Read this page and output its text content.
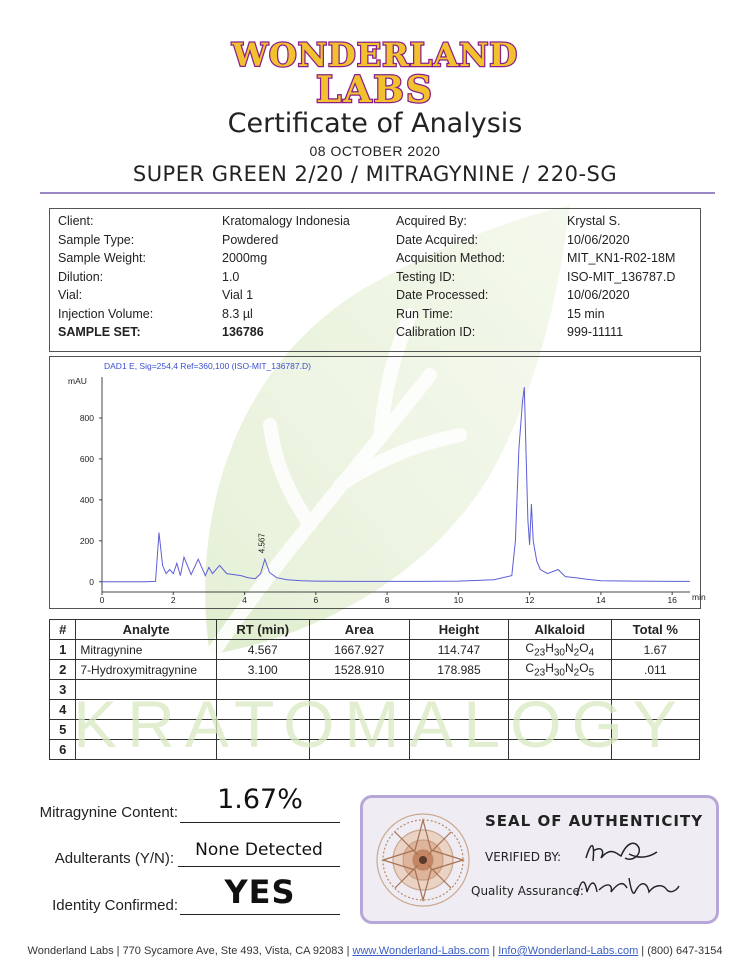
WONDERLAND
LABS
Certificate of Analysis
08 OCTOBER 2020
SUPER GREEN 2/20 / MITRAGYNINE / 220-SG
Client:	Kratomalogy Indonesia
Sample Type:	Powdered
Sample Weight:	2000mg
Dilution:	1.0
Vial:	Vial 1
Injection Volume:	8.3 µl
SAMPLE SET:	136786
Acquired By:	Krystal S.
Date Acquired:	10/06/2020
Acquisition Method:	MIT_KN1-R02-18M
Testing ID:	ISO-MIT_136787.D
Date Processed:	10/06/2020
Run Time:	15 min
Calibration ID:	999-11111
DAD1 E, Sig=254,4 Ref=360,100 (ISO-MIT_136787.D)
mAU
min
0	2	4	6	8	10	12	14	16
0
200
400
600
800
4.567
#	Analyte	RT (min)	Area	Height	Alkaloid	Total %
1	Mitragynine	4.567	1667.927	114.747	$C_{23}H_{30}N_2O_4$	1.67
2	7-Hydroxymitragynine	3.100	1528.910	178.985	$C_{23}H_{30}N_2O_5$	.011
3						
4						
5						
6						KRATOMALOGY
Mitragynine Content:	1.67%
Adulterants (Y/N):	None Detected
Identity Confirmed:	YES
SEAL OF AUTHENTICITY
VERIFIED BY:
Quality Assurance:
Wonderland Labs | 770 Sycamore Ave, Ste 493, Vista, CA 92083 | www.Wonderland-Labs.com | Info@Wonderland-Labs.com | (800) 647-3154
